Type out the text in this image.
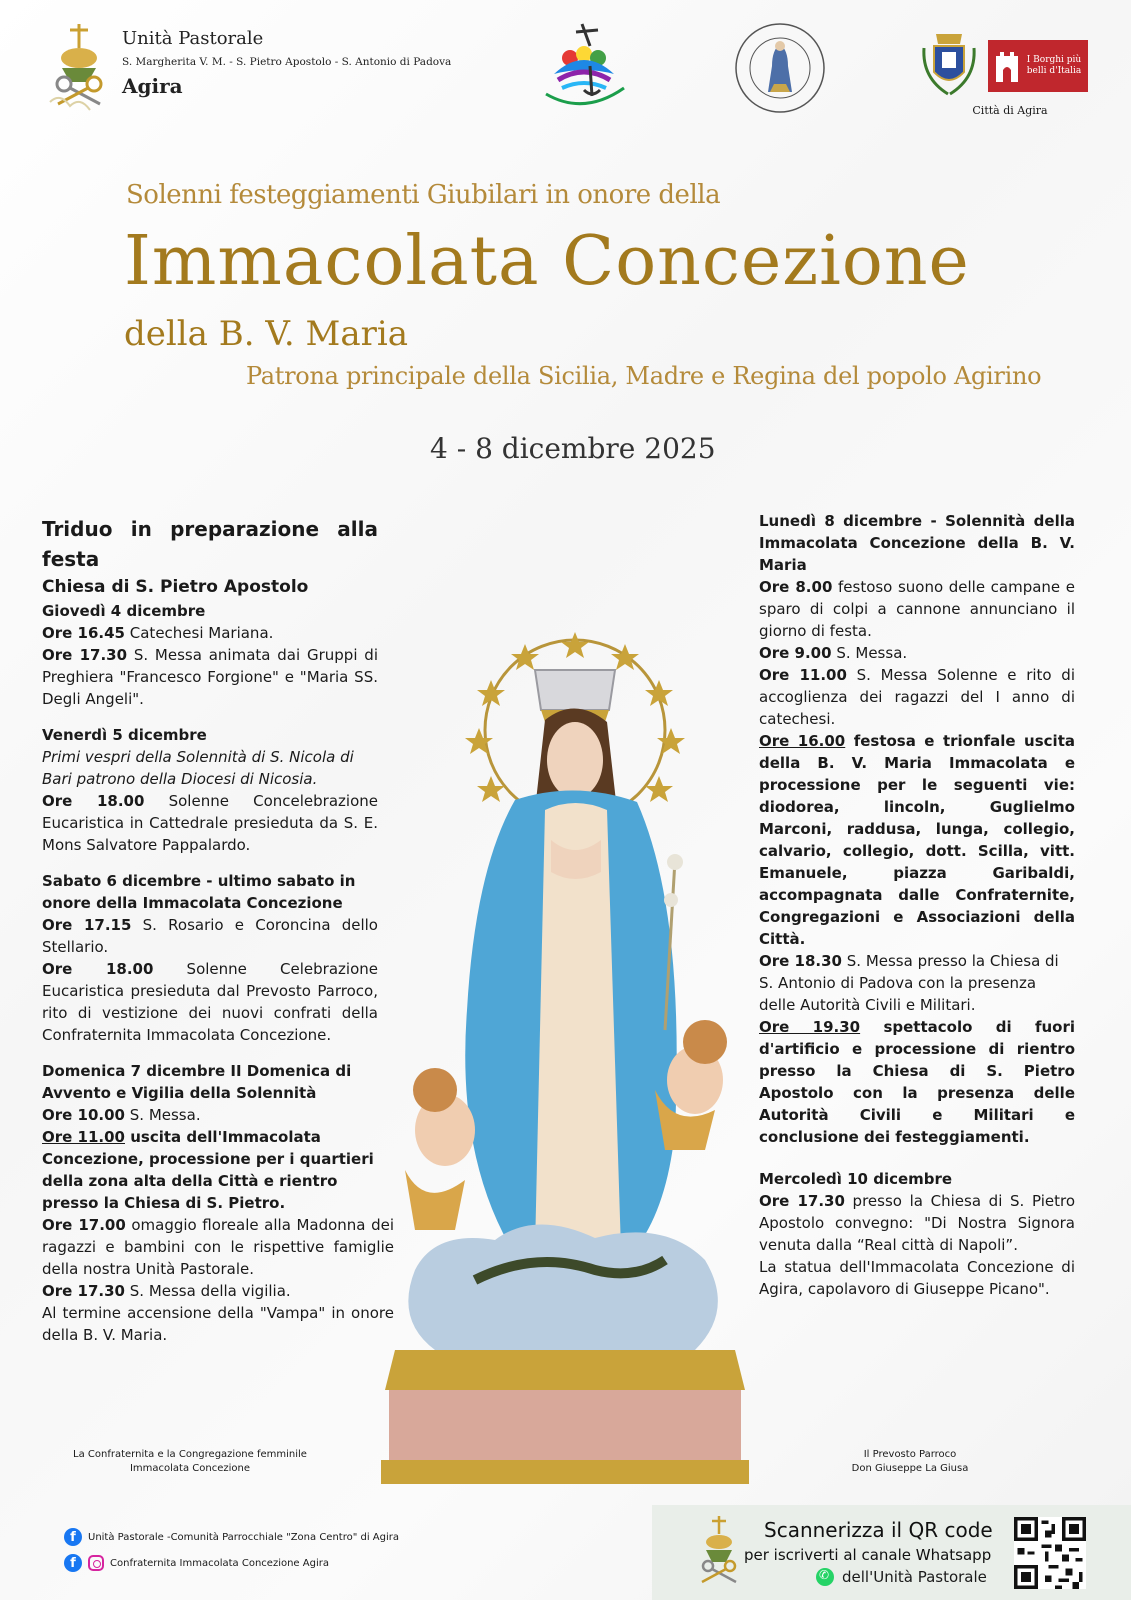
Unità Pastorale
S. Margherita V. M. - S. Pietro Apostolo - S. Antonio di Padova
Agira
I Borghi più belli d'Italia
Città di Agira
Solenni festeggiamenti Giubilari in onore della
Immacolata Concezione
della B. V. Maria
Patrona principale della Sicilia, Madre e Regina del popolo Agirino
4 - 8 dicembre 2025

Triduo in preparazione alla festa

Chiesa di S. Pietro Apostolo

Giovedì 4 dicembre

Ore 16.45 Catechesi Mariana.

Ore 17.30 S. Messa animata dai Gruppi di Preghiera "Francesco Forgione" e "Maria SS. Degli Angeli".

Venerdì 5 dicembre

Primi vespri della Solennità di S. Nicola di Bari patrono della Diocesi di Nicosia.

Ore 18.00 Solenne Concelebrazione Eucaristica in Cattedrale presieduta da S. E. Mons Salvatore Pappalardo.

Sabato 6 dicembre - ultimo sabato in onore della Immacolata Concezione

Ore 17.15 S. Rosario e Coroncina dello Stellario.

Ore 18.00 Solenne Celebrazione Eucaristica presieduta dal Prevosto Parroco, rito di vestizione dei nuovi confrati della Confraternita Immacolata Concezione.

Domenica 7 dicembre II Domenica di Avvento e Vigilia della Solennità

Ore 10.00 S. Messa.

Ore 11.00 uscita dell'Immacolata Concezione, processione per i quartieri della zona alta della Città e rientro presso la Chiesa di S. Pietro.

Ore 17.00 omaggio floreale alla Madonna dei ragazzi e bambini con le rispettive famiglie della nostra Unità Pastorale.

Ore 17.30 S. Messa della vigilia.

Al termine accensione della "Vampa" in onore della B. V. Maria.

Lunedì 8 dicembre - Solennità della Immacolata Concezione della B. V. Maria

Ore 8.00 festoso suono delle campane e sparo di colpi a cannone annunciano il giorno di festa.

Ore 9.00 S. Messa.

Ore 11.00 S. Messa Solenne e rito di accoglienza dei ragazzi del I anno di catechesi.

Ore 16.00 festosa e trionfale uscita della B. V. Maria Immacolata e processione per le seguenti vie: diodorea, lincoln, Guglielmo Marconi, raddusa, lunga, collegio, calvario, collegio, dott. Scilla, vitt. Emanuele, piazza Garibaldi, accompagnata dalle Confraternite, Congregazioni e Associazioni della Città.

Ore 18.30 S. Messa presso la Chiesa di S. Antonio di Padova con la presenza delle Autorità Civili e Militari.

Ore 19.30 spettacolo di fuori d'artificio e processione di rientro presso la Chiesa di S. Pietro Apostolo con la presenza delle Autorità Civili e Militari e conclusione dei festeggiamenti.

Mercoledì 10 dicembre

Ore 17.30 presso la Chiesa di S. Pietro Apostolo convegno: "Di Nostra Signora venuta dalla “Real città di Napoli”.

La statua dell'Immacolata Concezione di Agira, capolavoro di Giuseppe Picano".

La Confraternita e la Congregazione femminile
Immacolata Concezione
Il Prevosto Parroco
Don Giuseppe La Giusa
f	Unità Pastorale -Comunità Parrocchiale "Zona Centro" di Agira
f	Confraternita Immacolata Concezione Agira
Scannerizza il QR code
per iscriverti al canale Whatsapp
✆
dell'Unità Pastorale
